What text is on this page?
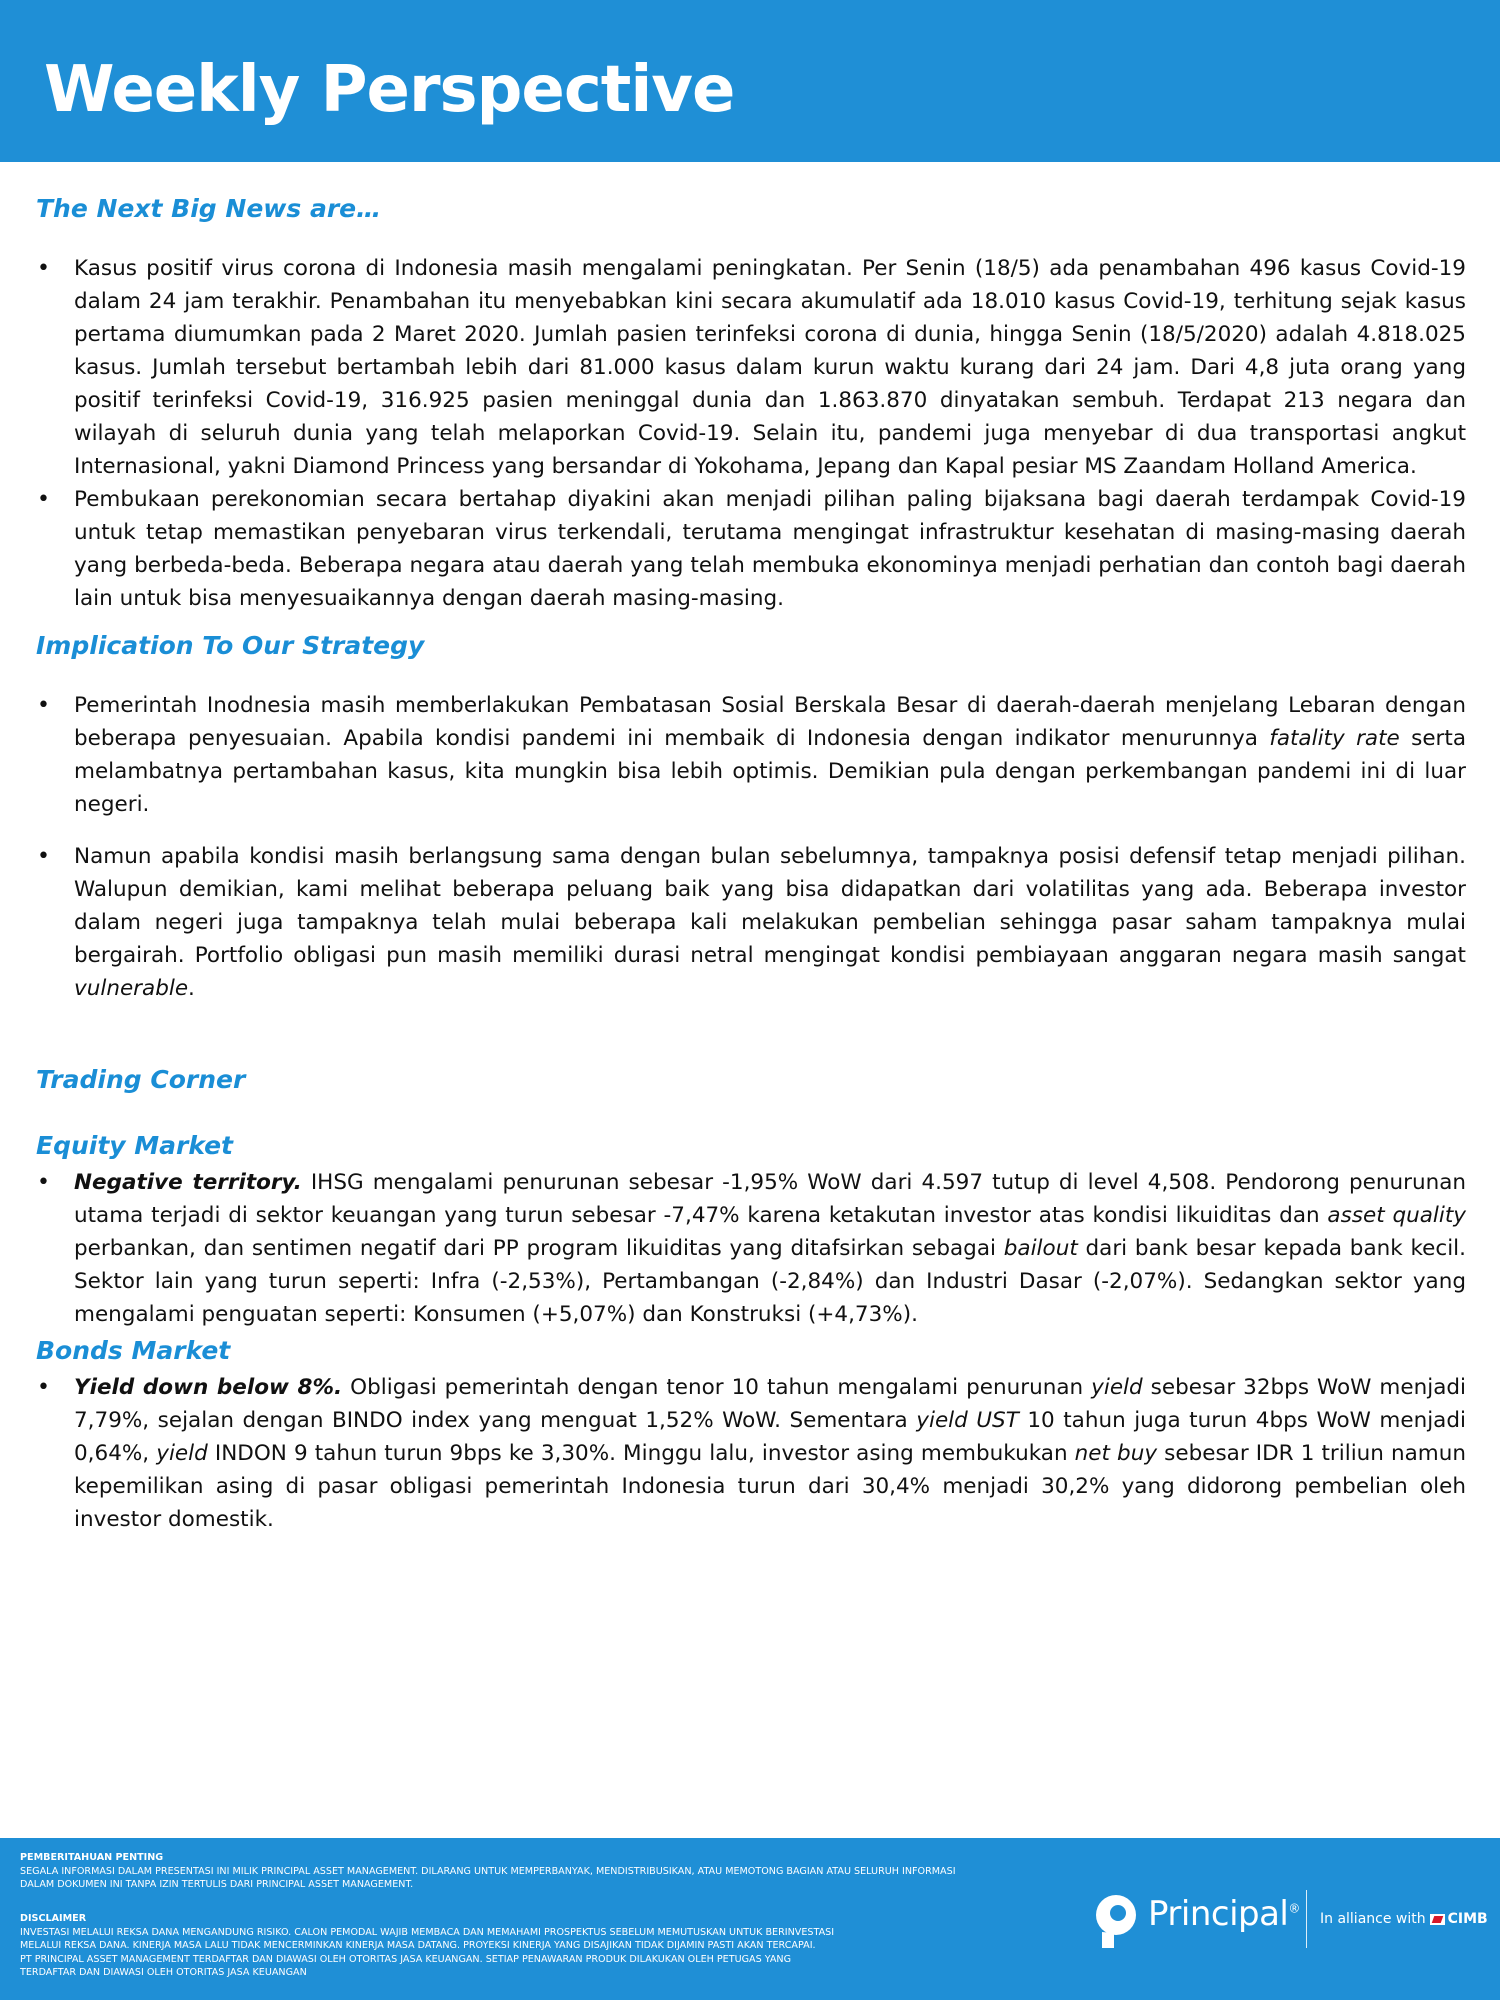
Weekly Perspective
The Next Big News are…
• Kasus positif virus corona di Indonesia masih mengalami peningkatan. Per Senin (18/5) ada penambahan 496 kasus Covid-19 dalam 24 jam terakhir. Penambahan itu menyebabkan kini secara akumulatif ada 18.010 kasus Covid-19, terhitung sejak kasus pertama diumumkan pada 2 Maret 2020. Jumlah pasien terinfeksi corona di dunia, hingga Senin (18/5/2020) adalah 4.818.025 kasus. Jumlah tersebut bertambah lebih dari 81.000 kasus dalam kurun waktu kurang dari 24 jam. Dari 4,8 juta orang yang positif terinfeksi Covid-19, 316.925 pasien meninggal dunia dan 1.863.870 dinyatakan sembuh. Terdapat 213 negara dan wilayah di seluruh dunia yang telah melaporkan Covid-19. Selain itu, pandemi juga menyebar di dua transportasi angkut Internasional, yakni Diamond Princess yang bersandar di Yokohama, Jepang dan Kapal pesiar MS Zaandam Holland America.
• Pembukaan perekonomian secara bertahap diyakini akan menjadi pilihan paling bijaksana bagi daerah terdampak Covid-19 untuk tetap memastikan penyebaran virus terkendali, terutama mengingat infrastruktur kesehatan di masing-masing daerah yang berbeda-beda. Beberapa negara atau daerah yang telah membuka ekonominya menjadi perhatian dan contoh bagi daerah lain untuk bisa menyesuaikannya dengan daerah masing-masing.
Implication To Our Strategy
• Pemerintah Inodnesia masih memberlakukan Pembatasan Sosial Berskala Besar di daerah-daerah menjelang Lebaran dengan beberapa penyesuaian. Apabila kondisi pandemi ini membaik di Indonesia dengan indikator menurunnya fatality rate serta melambatnya pertambahan kasus, kita mungkin bisa lebih optimis. Demikian pula dengan perkembangan pandemi ini di luar negeri.
• Namun apabila kondisi masih berlangsung sama dengan bulan sebelumnya, tampaknya posisi defensif tetap menjadi pilihan. Walupun demikian, kami melihat beberapa peluang baik yang bisa didapatkan dari volatilitas yang ada. Beberapa investor dalam negeri juga tampaknya telah mulai beberapa kali melakukan pembelian sehingga pasar saham tampaknya mulai bergairah. Portfolio obligasi pun masih memiliki durasi netral mengingat kondisi pembiayaan anggaran negara masih sangat vulnerable.
Trading Corner
Equity Market
• Negative territory. IHSG mengalami penurunan sebesar -1,95% WoW dari 4.597 tutup di level 4,508. Pendorong penurunan utama terjadi di sektor keuangan yang turun sebesar -7,47% karena ketakutan investor atas kondisi likuiditas dan asset quality perbankan, dan sentimen negatif dari PP program likuiditas yang ditafsirkan sebagai bailout dari bank besar kepada bank kecil. Sektor lain yang turun seperti: Infra (-2,53%), Pertambangan (-2,84%) dan Industri Dasar (-2,07%). Sedangkan sektor yang mengalami penguatan seperti: Konsumen (+5,07%) dan Konstruksi (+4,73%).
Bonds Market
• Yield down below 8%. Obligasi pemerintah dengan tenor 10 tahun mengalami penurunan yield sebesar 32bps WoW menjadi 7,79%, sejalan dengan BINDO index yang menguat 1,52% WoW. Sementara yield UST 10 tahun juga turun 4bps WoW menjadi 0,64%, yield INDON 9 tahun turun 9bps ke 3,30%. Minggu lalu, investor asing membukukan net buy sebesar IDR 1 triliun namun kepemilikan asing di pasar obligasi pemerintah Indonesia turun dari 30,4% menjadi 30,2% yang didorong pembelian oleh investor domestik.
PEMBERITAHUAN PENTING
SEGALA INFORMASI DALAM PRESENTASI INI MILIK PRINCIPAL ASSET MANAGEMENT. DILARANG UNTUK MEMPERBANYAK, MENDISTRIBUSIKAN, ATAU MEMOTONG BAGIAN ATAU SELURUH INFORMASI
DALAM DOKUMEN INI TANPA IZIN TERTULIS DARI PRINCIPAL ASSET MANAGEMENT.
DISCLAIMER
INVESTASI MELALUI REKSA DANA MENGANDUNG RISIKO. CALON PEMODAL WAJIB MEMBACA DAN MEMAHAMI PROSPEKTUS SEBELUM MEMUTUSKAN UNTUK BERINVESTASI
MELALUI REKSA DANA. KINERJA MASA LALU TIDAK MENCERMINKAN KINERJA MASA DATANG. PROYEKSI KINERJA YANG DISAJIKAN TIDAK DIJAMIN PASTI AKAN TERCAPAI.
PT PRINCIPAL ASSET MANAGEMENT TERDAFTAR DAN DIAWASI OLEH OTORITAS JASA KEUANGAN. SETIAP PENAWARAN PRODUK DILAKUKAN OLEH PETUGAS YANG
TERDAFTAR DAN DIAWASI OLEH OTORITAS JASA KEUANGAN
Principal®
In alliance with CIMB
